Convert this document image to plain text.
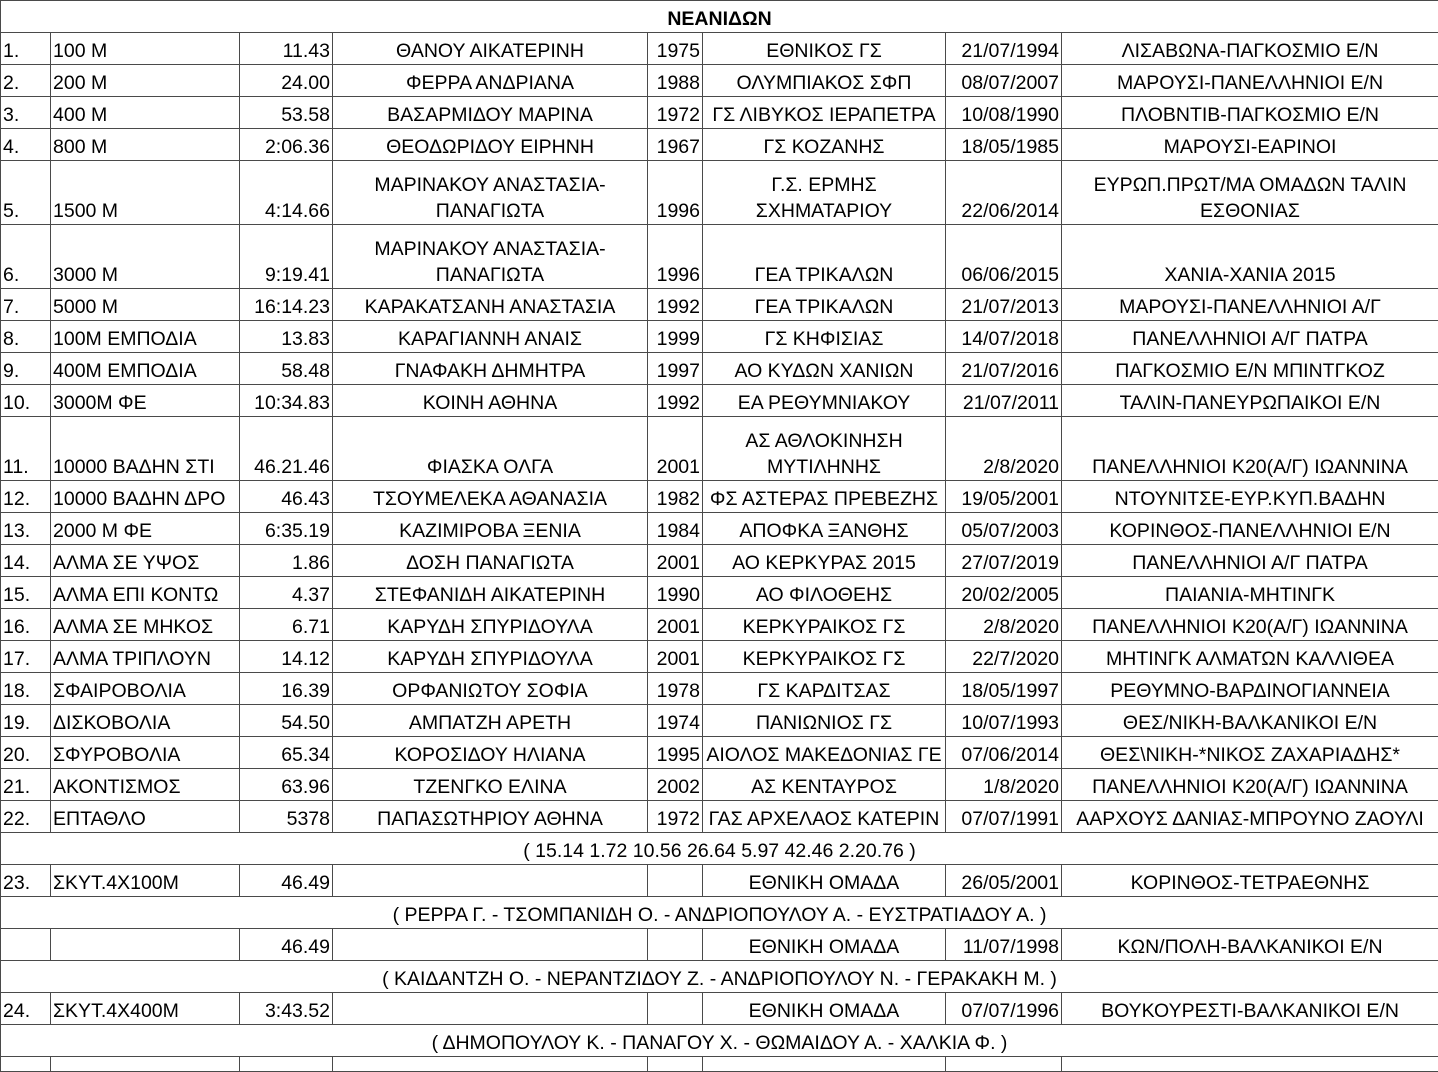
ΝΕΑΝΙΔΩΝ							
1.	100 M	11.43	ΘΑΝΟΥ ΑΙΚΑΤΕΡΙΝΗ	1975	ΕΘΝΙΚΟΣ ΓΣ	21/07/1994	ΛΙΣΑΒΩΝΑ-ΠΑΓΚΟΣΜΙΟ Ε/Ν
2.	200 M	24.00	ΦΕΡΡΑ ΑΝΔΡΙΑΝΑ	1988	ΟΛΥΜΠΙΑΚΟΣ ΣΦΠ	08/07/2007	ΜΑΡΟΥΣΙ-ΠΑΝΕΛΛΗΝΙΟΙ Ε/Ν
3.	400 M	53.58	ΒΑΣΑΡΜΙΔΟΥ ΜΑΡΙΝΑ	1972	ΓΣ ΛΙΒΥΚΟΣ ΙΕΡΑΠΕΤΡΑ	10/08/1990	ΠΛΟΒΝΤΙΒ-ΠΑΓΚΟΣΜΙΟ Ε/Ν
4.	800 M	2:06.36	ΘΕΟΔΩΡΙΔΟΥ ΕΙΡΗΝΗ	1967	ΓΣ ΚΟΖΑΝΗΣ	18/05/1985	ΜΑΡΟΥΣΙ-ΕΑΡΙΝΟΙ
5.	1500 M	4:14.66	ΜΑΡΙΝΑΚΟΥ ΑΝΑΣΤΑΣΙΑ-ΠΑΝΑΓΙΩΤΑ	1996	Γ.Σ. ΕΡΜΗΣ ΣΧΗΜΑΤΑΡΙΟΥ	22/06/2014	ΕΥΡΩΠ.ΠΡΩΤ/ΜΑ ΟΜΑΔΩΝ ΤΑΛΙΝ ΕΣΘΟΝΙΑΣ
6.	3000 M	9:19.41	ΜΑΡΙΝΑΚΟΥ ΑΝΑΣΤΑΣΙΑ-ΠΑΝΑΓΙΩΤΑ	1996	ΓΕΑ ΤΡΙΚΑΛΩΝ	06/06/2015	ΧΑΝΙΑ-ΧΑΝΙΑ 2015
7.	5000 M	16:14.23	ΚΑΡΑΚΑΤΣΑΝΗ ΑΝΑΣΤΑΣΙΑ	1992	ΓΕΑ ΤΡΙΚΑΛΩΝ	21/07/2013	ΜΑΡΟΥΣΙ-ΠΑΝΕΛΛΗΝΙΟΙ Α/Γ
8.	100Μ ΕΜΠΟΔΙΑ	13.83	ΚΑΡΑΓΙΑΝΝΗ ΑΝΑΙΣ	1999	ΓΣ ΚΗΦΙΣΙΑΣ	14/07/2018	ΠΑΝΕΛΛΗΝΙΟΙ Α/Γ ΠΑΤΡΑ
9.	400Μ ΕΜΠΟΔΙΑ	58.48	ΓΝΑΦΑΚΗ ΔΗΜΗΤΡΑ	1997	ΑΟ ΚΥΔΩΝ ΧΑΝΙΩΝ	21/07/2016	ΠΑΓΚΟΣΜΙΟ Ε/Ν ΜΠΙΝΤΓΚΟΖ
10.	3000Μ ΦΕ	10:34.83	ΚΟΙΝΗ ΑΘΗΝΑ	1992	ΕΑ ΡΕΘΥΜΝΙΑΚΟΥ	21/07/2011	ΤΑΛΙΝ-ΠΑΝΕΥΡΩΠΑΙΚΟΙ Ε/Ν
11.	10000 ΒΑΔΗΝ ΣΤΙ	46.21.46	ΦΙΑΣΚΑ ΟΛΓΑ	2001	ΑΣ ΑΘΛΟΚΙΝΗΣΗ ΜΥΤΙΛΗΝΗΣ	2/8/2020	ΠΑΝΕΛΛΗΝΙΟΙ Κ20(Α/Γ) ΙΩΑΝΝΙΝΑ
12.	10000 ΒΑΔΗΝ ΔΡΟ	46.43	ΤΣΟΥΜΕΛΕΚΑ ΑΘΑΝΑΣΙΑ	1982	ΦΣ ΑΣΤΕΡΑΣ ΠΡΕΒΕΖΗΣ	19/05/2001	ΝΤΟΥΝΙΤΣΕ-ΕΥΡ.ΚΥΠ.ΒΑΔΗΝ
13.	2000 Μ ΦΕ	6:35.19	ΚΑΖΙΜΙΡΟΒΑ ΞΕΝΙΑ	1984	ΑΠΟΦΚΑ ΞΑΝΘΗΣ	05/07/2003	ΚΟΡΙΝΘΟΣ-ΠΑΝΕΛΛΗΝΙΟΙ Ε/Ν
14.	ΑΛΜΑ ΣΕ ΥΨΟΣ	1.86	ΔΟΣΗ ΠΑΝΑΓΙΩΤΑ	2001	ΑΟ ΚΕΡΚΥΡΑΣ 2015	27/07/2019	ΠΑΝΕΛΛΗΝΙΟΙ Α/Γ ΠΑΤΡΑ
15.	ΑΛΜΑ ΕΠΙ ΚΟΝΤΩ	4.37	ΣΤΕΦΑΝΙΔΗ ΑΙΚΑΤΕΡΙΝΗ	1990	ΑΟ ΦΙΛΟΘΕΗΣ	20/02/2005	ΠΑΙΑΝΙΑ-ΜΗΤΙΝΓΚ
16.	ΑΛΜΑ ΣΕ ΜΗΚΟΣ	6.71	ΚΑΡΥΔΗ ΣΠΥΡΙΔΟΥΛΑ	2001	ΚΕΡΚΥΡΑΙΚΟΣ ΓΣ	2/8/2020	ΠΑΝΕΛΛΗΝΙΟΙ Κ20(Α/Γ) ΙΩΑΝΝΙΝΑ
17.	ΑΛΜΑ ΤΡΙΠΛΟΥΝ	14.12	ΚΑΡΥΔΗ ΣΠΥΡΙΔΟΥΛΑ	2001	ΚΕΡΚΥΡΑΙΚΟΣ ΓΣ	22/7/2020	ΜΗΤΙΝΓΚ ΑΛΜΑΤΩΝ ΚΑΛΛΙΘΕΑ
18.	ΣΦΑΙΡΟΒΟΛΙΑ	16.39	ΟΡΦΑΝΙΩΤΟΥ ΣΟΦΙΑ	1978	ΓΣ ΚΑΡΔΙΤΣΑΣ	18/05/1997	ΡΕΘΥΜΝΟ-ΒΑΡΔΙΝΟΓΙΑΝΝΕΙΑ
19.	ΔΙΣΚΟΒΟΛΙΑ	54.50	ΑΜΠΑΤΖΗ ΑΡΕΤΗ	1974	ΠΑΝΙΩΝΙΟΣ ΓΣ	10/07/1993	ΘΕΣ/ΝΙΚΗ-ΒΑΛΚΑΝΙΚΟΙ Ε/Ν
20.	ΣΦΥΡΟΒΟΛΙΑ	65.34	ΚΟΡΟΣΙΔΟΥ ΗΛΙΑΝΑ	1995	ΑΙΟΛΟΣ ΜΑΚΕΔΟΝΙΑΣ ΓΕ	07/06/2014	ΘΕΣ\ΝΙΚΗ-*ΝΙΚΟΣ ΖΑΧΑΡΙΑΔΗΣ*
21.	ΑΚΟΝΤΙΣΜΟΣ	63.96	ΤΖΕΝΓΚΟ ΕΛΙΝΑ	2002	ΑΣ ΚΕΝΤΑΥΡΟΣ	1/8/2020	ΠΑΝΕΛΛΗΝΙΟΙ Κ20(Α/Γ) ΙΩΑΝΝΙΝΑ
22.	ΕΠΤΑΘΛΟ	5378	ΠΑΠΑΣΩΤΗΡΙΟΥ ΑΘΗΝΑ	1972	ΓΑΣ ΑΡΧΕΛΑΟΣ ΚΑΤΕΡΙΝ	07/07/1991	ΑΑΡΧΟΥΣ ΔΑΝΙΑΣ-ΜΠΡΟΥΝΟ ΖΑΟΥΛΙ
( 15.14 1.72 10.56 26.64 5.97 42.46 2.20.76 )							
23.	ΣΚΥΤ.4Χ100Μ	46.49			ΕΘΝΙΚΗ ΟΜΑΔΑ	26/05/2001	ΚΟΡΙΝΘΟΣ-ΤΕΤΡΑΕΘΝΗΣ
( ΡΕΡΡΑ Γ. - ΤΣΟΜΠΑΝΙΔΗ Ο. - ΑΝΔΡΙΟΠΟΥΛΟΥ Α. - ΕΥΣΤΡΑΤΙΑΔΟΥ Α. )							
		46.49			ΕΘΝΙΚΗ ΟΜΑΔΑ	11/07/1998	ΚΩΝ/ΠΟΛΗ-ΒΑΛΚΑΝΙΚΟΙ Ε/Ν
( ΚΑΙΔΑΝΤΖΗ Ο. - ΝΕΡΑΝΤΖΙΔΟΥ Ζ. - ΑΝΔΡΙΟΠΟΥΛΟΥ Ν. - ΓΕΡΑΚΑΚΗ Μ. )							
24.	ΣΚΥΤ.4Χ400Μ	3:43.52			ΕΘΝΙΚΗ ΟΜΑΔΑ	07/07/1996	ΒΟΥΚΟΥΡΕΣΤΙ-ΒΑΛΚΑΝΙΚΟΙ Ε/Ν
( ΔΗΜΟΠΟΥΛΟΥ Κ. - ΠΑΝΑΓΟΥ Χ. - ΘΩΜΑΙΔΟΥ Α. - ΧΑΛΚΙΑ Φ. )							
